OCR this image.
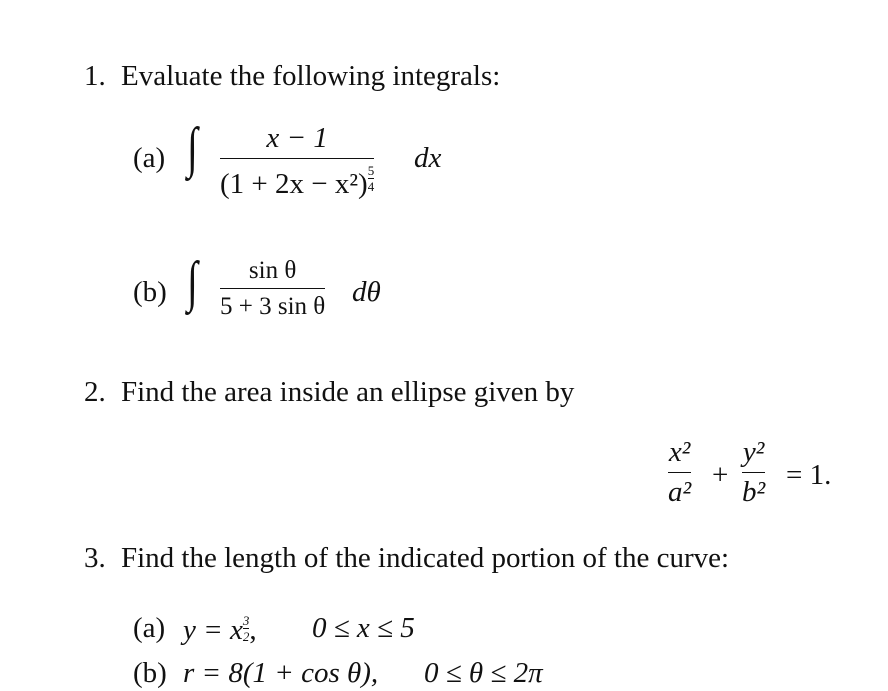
1. Evaluate the following integrals:
(a) ∫ x − 1
$(1 + 2x - x^2) \frac{5}{4}$
dx
(b) ∫ sin θ
5 + 3 sin θ dθ
2. Find the area inside an ellipse given by
x²
a²
+
y²
b²
= 1.
3. Find the length of the indicated portion of the curve:
(a) y = x $\frac{3}{2}$ , 0 ≤ x ≤ 5
(b) r = 8(1 + cos θ), 0 ≤ θ ≤ 2π
